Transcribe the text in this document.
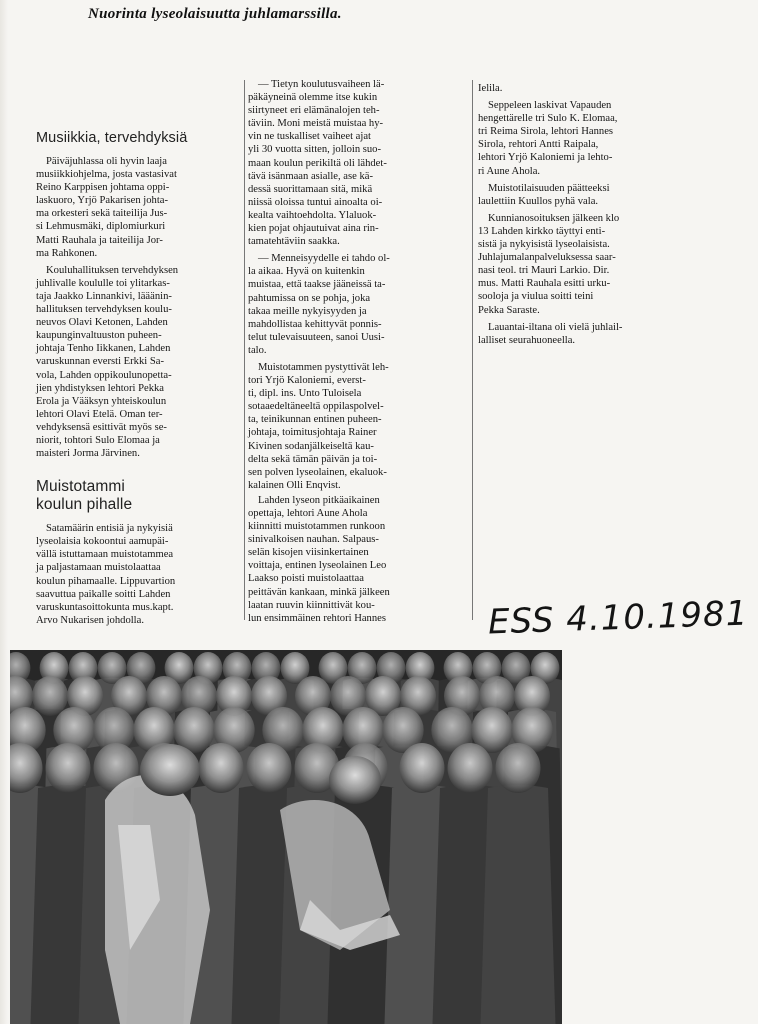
Nuorinta lyseolaisuutta juhlamarssilla.
Musiikkia, tervehdyksiä
Päiväjuhlassa oli hyvin laaja
musiikkiohjelma, josta vastasivat
Reino Karppisen johtama oppi-
laskuoro, Yrjö Pakarisen johta-
ma orkesteri sekä taiteilija Jus-
si Lehmusmäki, diplomiurkuri
Matti Rauhala ja taiteilija Jor-
ma Rahkonen.
Kouluhallituksen tervehdyksen
juhlivalle koululle toi ylitarkas-
taja Jaakko Linnankivi, lääänin-
hallituksen tervehdyksen koulu-
neuvos Olavi Ketonen, Lahden
kaupunginvaltuuston puheen-
johtaja Tenho Iikkanen, Lahden
varuskunnan eversti Erkki Sa-
vola, Lahden oppikoulunopetta-
jien yhdistyksen lehtori Pekka
Erola ja Vääksyn yhteiskoulun
lehtori Olavi Etelä. Oman ter-
vehdyksensä esittivät myös se-
niorit, tohtori Sulo Elomaa ja
maisteri Jorma Järvinen.
Muistotammi
koulun pihalle
Satamäärin entisiä ja nykyisiä
lyseolaisia kokoontui aamupäi-
vällä istuttamaan muistotammea
ja paljastamaan muistolaattaa
koulun pihamaalle. Lippuvartion
saavuttua paikalle soitti Lahden
varuskuntasoittokunta mus.kapt.
Arvo Nukarisen johdolla.
— Tietyn koulutusvaiheen lä-
päkäyneinä olemme itse kukin
siirtyneet eri elämänalojen teh-
täviin. Moni meistä muistaa hy-
vin ne tuskalliset vaiheet ajat
yli 30 vuotta sitten, jolloin suo-
maan koulun perikiltä oli lähdet-
tävä isänmaan asialle, ase kä-
dessä suorittamaan sitä, mikä
niissä oloissa tuntui ainoalta oi-
kealta vaihtoehdolta. Ylaluok-
kien pojat ohjautuivat aina rin-
tamatehtäviin saakka.
— Menneisyydelle ei tahdo ol-
la aikaa. Hyvä on kuitenkin
muistaa, että taakse jääneissä ta-
pahtumissa on se pohja, joka
takaa meille nykyisyyden ja
mahdollistaa kehittyvät ponnis-
telut tulevaisuuteen, sanoi Uusi-
talo.
Muistotammen pystyttivät leh-
tori Yrjö Kaloniemi, everst-
ti, dipl. ins. Unto Tuloisela
sotaaedeltäneeltä oppilaspolvel-
ta, teinikunnan entinen puheen-
johtaja, toimitusjohtaja Rainer
Kivinen sodanjälkeiseltä kau-
delta sekä tämän päivän ja toi-
sen polven lyseolainen, ekaluok-
kalainen Olli Enqvist.
Lahden lyseon pitkäaikainen
opettaja, lehtori Aune Ahola
kiinnitti muistotammen runkoon
sinivalkoisen nauhan. Salpaus-
selän kisojen viisinkertainen
voittaja, entinen lyseolainen Leo
Laakso poisti muistolaattaa
peittävän kankaan, minkä jälkeen
laatan ruuvin kiinnittivät kou-
lun ensimmäinen rehtori Hannes
Ielila.
Seppeleen laskivat Vapauden
hengettärelle tri Sulo K. Elomaa,
tri Reima Sirola, lehtori Hannes
Sirola, rehtori Antti Raipala,
lehtori Yrjö Kaloniemi ja lehto-
ri Aune Ahola.
Muistotilaisuuden päätteeksi
laulettiin Kuullos pyhä vala.
Kunnianosoituksen jälkeen klo
13 Lahden kirkko täyttyi enti-
sistä ja nykyisistä lyseolaisista.
Juhlajumalanpalveluksessa saar-
nasi teol. tri Mauri Larkio. Dir.
mus. Matti Rauhala esitti urku-
sooloja ja viulua soitti teini
Pekka Saraste.
Lauantai-iltana oli vielä juhlail-
lalliset seurahuoneella.
ESS 4.10.1981
